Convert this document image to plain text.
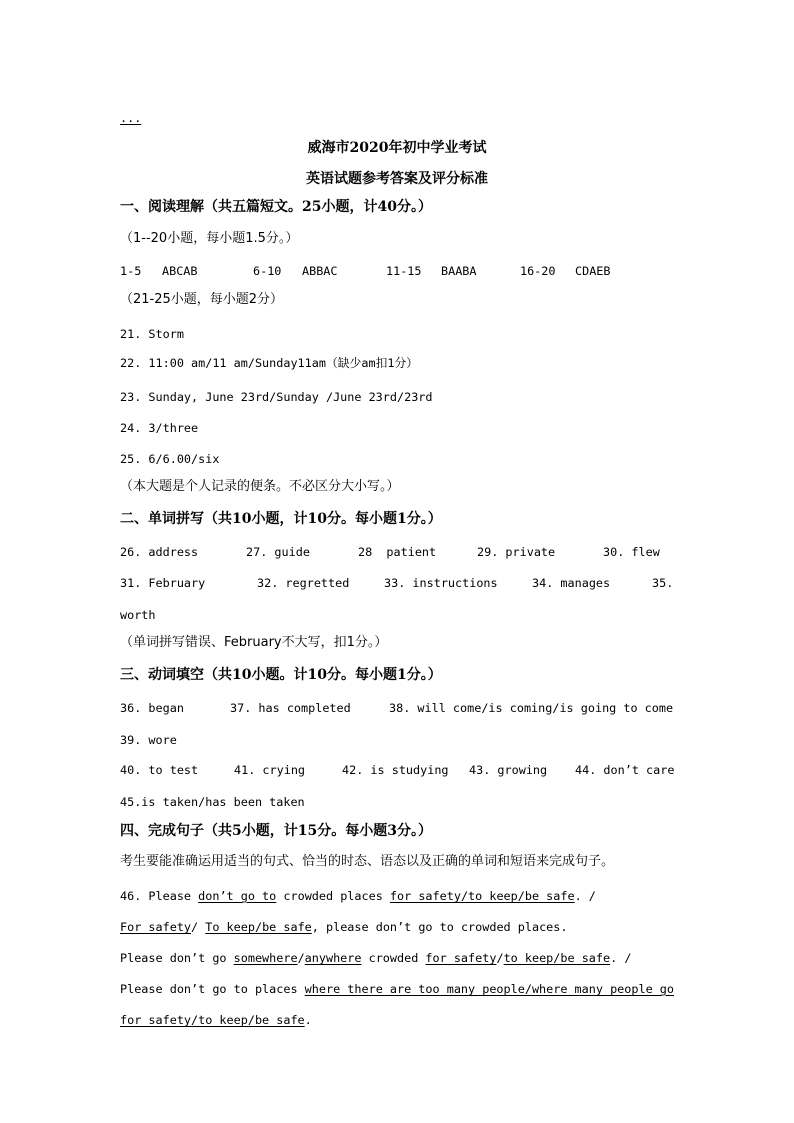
...
威海市2020年初中学业考试
英语试题参考答案及评分标准
一、阅读理解（共五篇短文。25小题，计40分。）
（1--20小题，每小题1.5分。）
1-5 ABCAB	6-10 ABBAC	11-15 BAABA	16-20 CDAEB
（21-25小题，每小题2分）
21. Storm
22. 11:00 am/11 am/Sunday11am（缺少am扣1分）
23. Sunday, June 23rd/Sunday /June 23rd/23rd
24. 3/three
25. 6/6.00/six
（本大题是个人记录的便条。不必区分大小写。）
二、单词拼写（共10小题，计10分。每小题1分。）
26. address	27. guide	28  patient	29. private	30. flew
31. February	32. regretted	33. instructions	34. manages	35.
worth
（单词拼写错误、February不大写，扣1分。）
三、动词填空（共10小题。计10分。每小题1分。）
36. began	37. has completed	38. will come/is coming/is going to come
39. wore
40. to test	41. crying	42. is studying 43. growing 44. don’t care
45.is taken/has been taken
四、完成句子（共5小题，计15分。每小题3分。）
考生要能准确运用适当的句式、恰当的时态、语态以及正确的单词和短语来完成句子。
46. Please don’t go to crowded places for safety/to keep/be safe. /
For safety/ To keep/be safe, please don’t go to crowded places.
Please don’t go somewhere/anywhere crowded for safety/to keep/be safe. /
Please don’t go to places where there are too many people/where many people go
for safety/to keep/be safe.
